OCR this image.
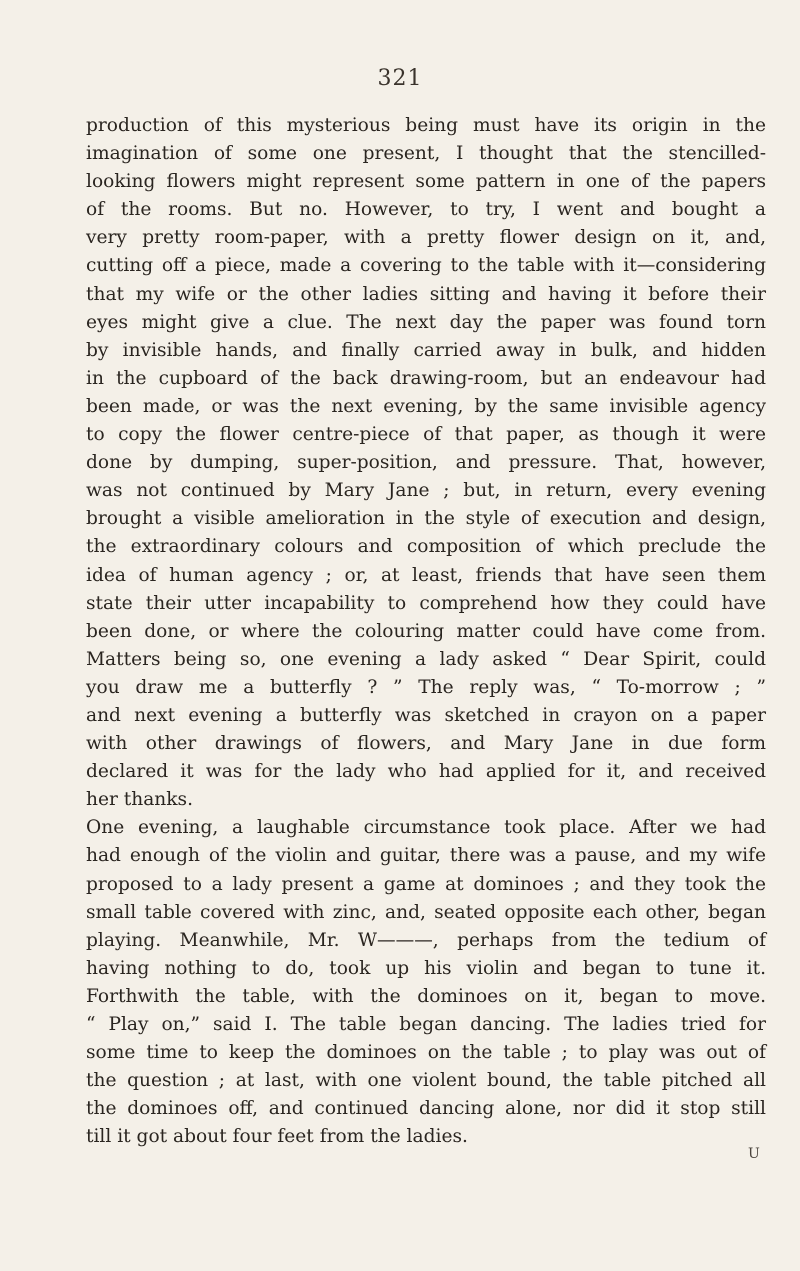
321
production of this mysterious being must have its origin in the
imagination of some one present, I thought that the stencilled-
looking flowers might represent some pattern in one of the papers
of the rooms. But no. However, to try, I went and bought a
very pretty room-paper, with a pretty flower design on it, and,
cutting off a piece, made a covering to the table with it—considering
that my wife or the other ladies sitting and having it before their
eyes might give a clue. The next day the paper was found torn
by invisible hands, and finally carried away in bulk, and hidden
in the cupboard of the back drawing-room, but an endeavour had
been made, or was the next evening, by the same invisible agency
to copy the flower centre-piece of that paper, as though it were
done by dumping, super-position, and pressure. That, however,
was not continued by Mary Jane ; but, in return, every evening
brought a visible amelioration in the style of execution and design,
the extraordinary colours and composition of which preclude the
idea of human agency ; or, at least, friends that have seen them
state their utter incapability to comprehend how they could have
been done, or where the colouring matter could have come from.
Matters being so, one evening a lady asked “ Dear Spirit, could
you draw me a butterfly ? ” The reply was, “ To-morrow ; ”
and next evening a butterfly was sketched in crayon on a paper
with other drawings of flowers, and Mary Jane in due form
declared it was for the lady who had applied for it, and received
her thanks.
One evening, a laughable circumstance took place. After we had
had enough of the violin and guitar, there was a pause, and my wife
proposed to a lady present a game at dominoes ; and they took the
small table covered with zinc, and, seated opposite each other, began
playing. Meanwhile, Mr. W———, perhaps from the tedium of
having nothing to do, took up his violin and began to tune it.
Forthwith the table, with the dominoes on it, began to move.
“ Play on,” said I. The table began dancing. The ladies tried for
some time to keep the dominoes on the table ; to play was out of
the question ; at last, with one violent bound, the table pitched all
the dominoes off, and continued dancing alone, nor did it stop still
till it got about four feet from the ladies.
U
